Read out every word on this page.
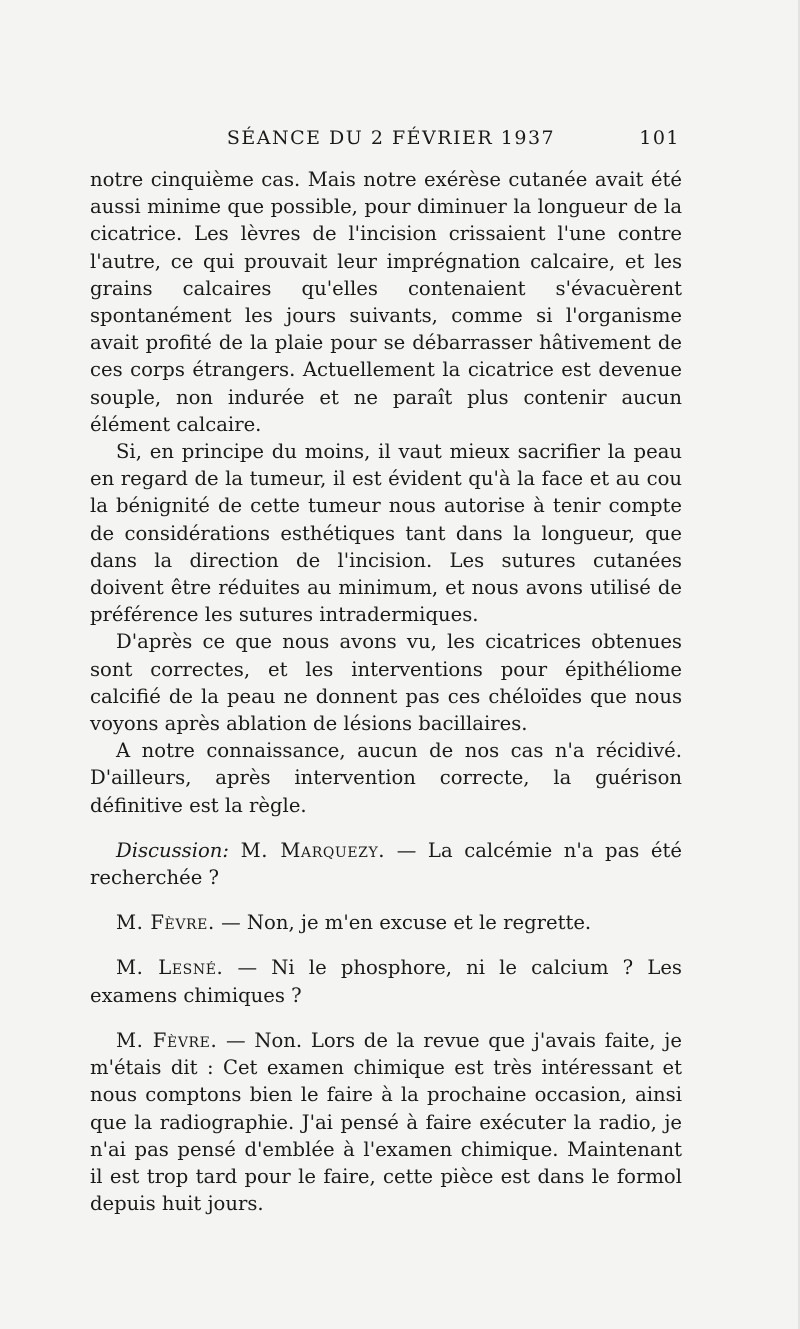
SÉANCE DU 2 FÉVRIER 1937	101

notre cinquième cas. Mais notre exérèse cutanée avait été aussi minime que possible, pour diminuer la longueur de la cicatrice. Les lèvres de l'incision crissaient l'une contre l'autre, ce qui prouvait leur imprégnation calcaire, et les grains calcaires qu'elles contenaient s'évacuèrent spontanément les jours suivants, comme si l'organisme avait profité de la plaie pour se débarrasser hâtivement de ces corps étrangers. Actuellement la cicatrice est devenue souple, non indurée et ne paraît plus contenir aucun élément calcaire.

Si, en principe du moins, il vaut mieux sacrifier la peau en regard de la tumeur, il est évident qu'à la face et au cou la bénignité de cette tumeur nous autorise à tenir compte de considérations esthétiques tant dans la longueur, que dans la direction de l'incision. Les sutures cutanées doivent être réduites au minimum, et nous avons utilisé de préférence les sutures intradermiques.

D'après ce que nous avons vu, les cicatrices obtenues sont correctes, et les interventions pour épithéliome calcifié de la peau ne donnent pas ces chéloïdes que nous voyons après ablation de lésions bacillaires.

A notre connaissance, aucun de nos cas n'a récidivé. D'ailleurs, après intervention correcte, la guérison définitive est la règle.

Discussion: M. Marquezy. — La calcémie n'a pas été recherchée ?

M. Fèvre. — Non, je m'en excuse et le regrette.

M. Lesné. — Ni le phosphore, ni le calcium ? Les examens chimiques ?

M. Fèvre. — Non. Lors de la revue que j'avais faite, je m'étais dit : Cet examen chimique est très intéressant et nous comptons bien le faire à la prochaine occasion, ainsi que la radiographie. J'ai pensé à faire exécuter la radio, je n'ai pas pensé d'emblée à l'examen chimique. Maintenant il est trop tard pour le faire, cette pièce est dans le formol depuis huit jours.
